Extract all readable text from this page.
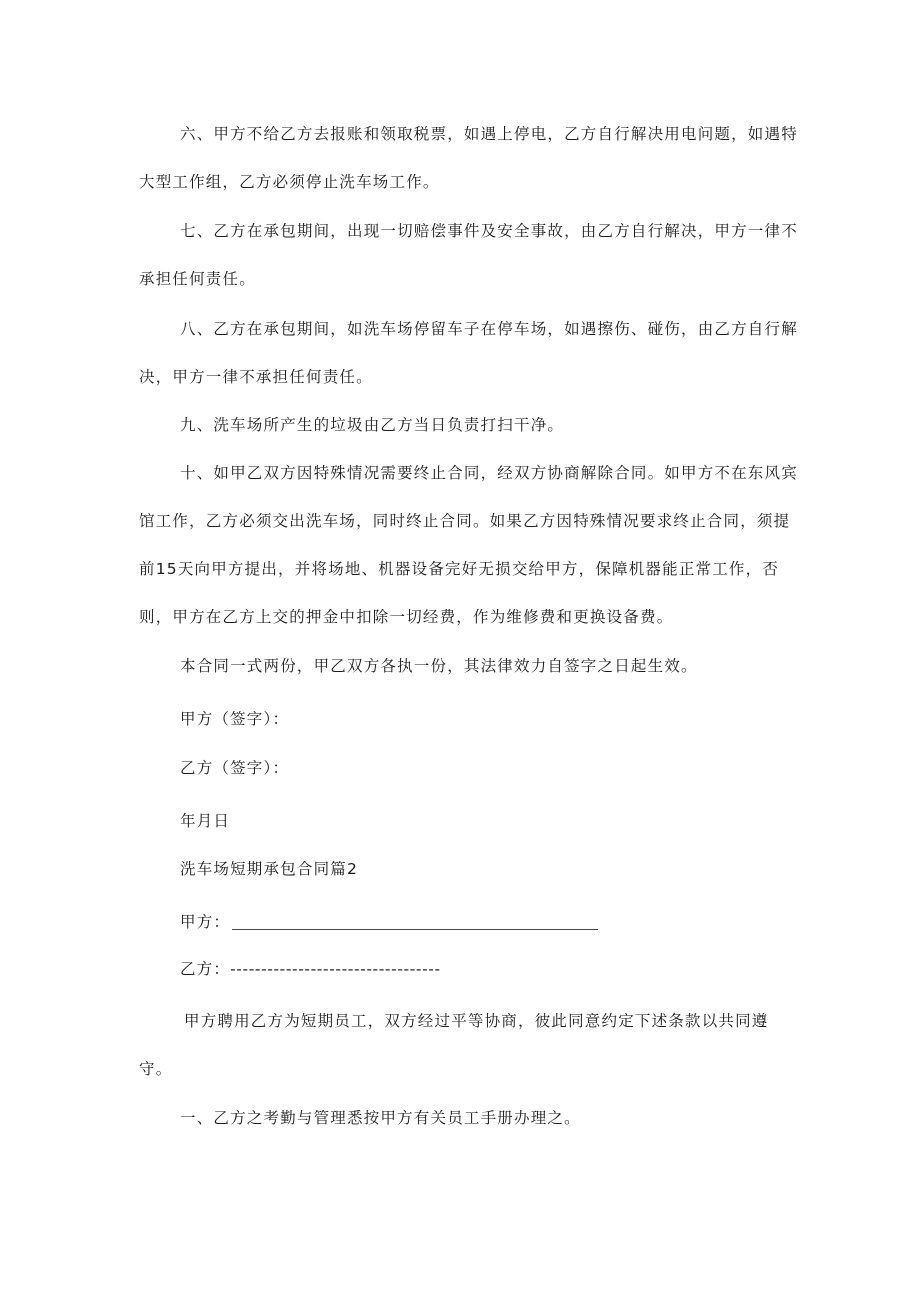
六、甲方不给乙方去报账和领取税票，如遇上停电，乙方自行解决用电问题，如遇特大型工作组，乙方必须停止洗车场工作。
七、乙方在承包期间，出现一切赔偿事件及安全事故，由乙方自行解决，甲方一律不承担任何责任。
八、乙方在承包期间，如洗车场停留车子在停车场，如遇擦伤、碰伤，由乙方自行解决，甲方一律不承担任何责任。
九、洗车场所产生的垃圾由乙方当日负责打扫干净。
十、如甲乙双方因特殊情况需要终止合同，经双方协商解除合同。如甲方不在东风宾馆工作，乙方必须交出洗车场，同时终止合同。如果乙方因特殊情况要求终止合同，须提前15天向甲方提出，并将场地、机器设备完好无损交给甲方，保障机器能正常工作，否则，甲方在乙方上交的押金中扣除一切经费，作为维修费和更换设备费。
本合同一式两份，甲乙双方各执一份，其法律效力自签字之日起生效。
甲方（签字）：
乙方（签字）：
年月日
洗车场短期承包合同篇2
甲方：
乙方：----------------------------------
甲方聘用乙方为短期员工，双方经过平等协商，彼此同意约定下述条款以共同遵守。
一、乙方之考勤与管理悉按甲方有关员工手册办理之。
